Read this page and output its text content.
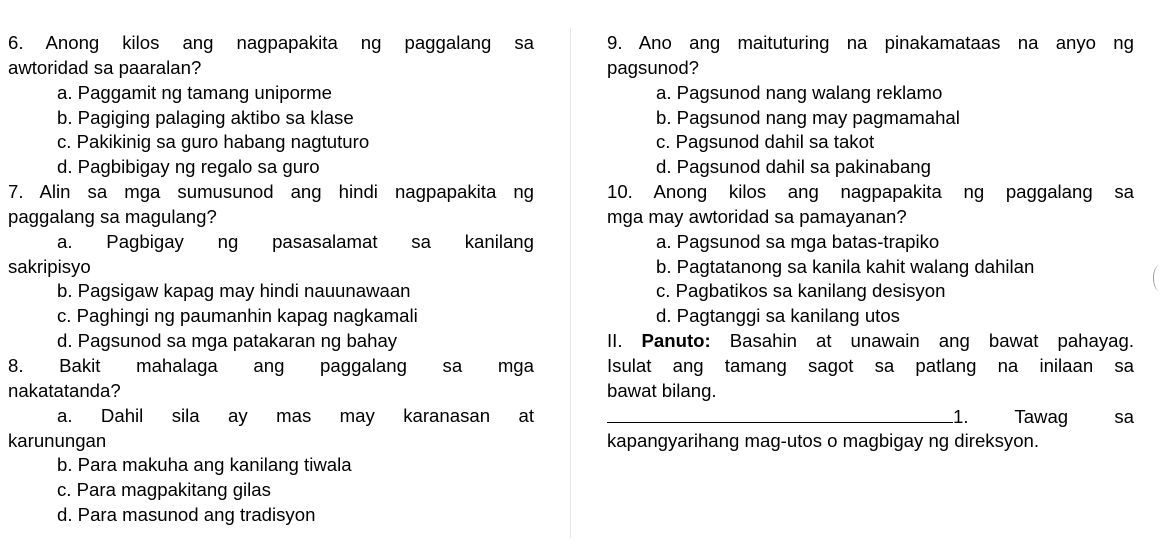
6. Anong kilos ang nagpapakita ng paggalang sa
awtoridad sa paaralan?
a. Paggamit ng tamang uniporme
b. Pagiging palaging aktibo sa klase
c. Pakikinig sa guro habang nagtuturo
d. Pagbibigay ng regalo sa guro
7. Alin sa mga sumusunod ang hindi nagpapakita ng
paggalang sa magulang?
a. Pagbigay ng pasasalamat sa kanilang
sakripisyo
b. Pagsigaw kapag may hindi nauunawaan
c. Paghingi ng paumanhin kapag nagkamali
d. Pagsunod sa mga patakaran ng bahay
8. Bakit mahalaga ang paggalang sa mga
nakatatanda?
a. Dahil sila ay mas may karanasan at
karunungan
b. Para makuha ang kanilang tiwala
c. Para magpakitang gilas
d. Para masunod ang tradisyon
9. Ano ang maituturing na pinakamataas na anyo ng
pagsunod?
a. Pagsunod nang walang reklamo
b. Pagsunod nang may pagmamahal
c. Pagsunod dahil sa takot
d. Pagsunod dahil sa pakinabang
10. Anong kilos ang nagpapakita ng paggalang sa
mga may awtoridad sa pamayanan?
a. Pagsunod sa mga batas-trapiko
b. Pagtatanong sa kanila kahit walang dahilan
c. Pagbatikos sa kanilang desisyon
d. Pagtanggi sa kanilang utos
II. Panuto: Basahin at unawain ang bawat pahayag.
Isulat ang tamang sagot sa patlang na inilaan sa
bawat bilang.
1. Tawag sa
kapangyarihang mag-utos o magbigay ng direksyon.
